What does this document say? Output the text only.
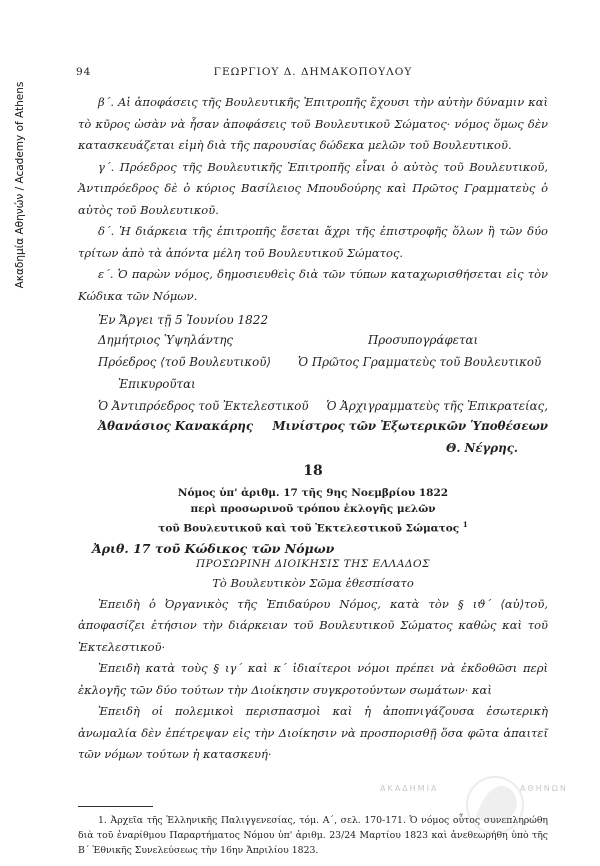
Ακαδημία Αθηνών / Academy of Athens
94	ΓΕΩΡΓΙΟΥ Δ. ΔΗΜΑΚΟΠΟΥΛΟΥ

β΄. Αἱ ἀποφάσεις τῆς Βουλευτικῆς Ἐπιτροπῆς ἔχουσι τὴν αὐτὴν δύναμιν καὶ τὸ κῦρος ὡσὰν νὰ ἦσαν ἀποφάσεις τοῦ Βουλευτικοῦ Σώματος· νόμος ὅμως δὲν κατασκευάζεται εἰμὴ διὰ τῆς παρουσίας δώδεκα μελῶν τοῦ Βουλευτικοῦ.

γ΄. Πρόεδρος τῆς Βουλευτικῆς Ἐπιτροπῆς εἶναι ὁ αὐτὸς τοῦ Βουλευτικοῦ, Ἀντιπρόεδρος δὲ ὁ κύριος Βασίλειος Μπουδούρης καὶ Πρῶτος Γραμματεὺς ὁ αὐτὸς τοῦ Βουλευτικοῦ.

δ΄. Ἡ διάρκεια τῆς ἐπιτροπῆς ἔσεται ἄχρι τῆς ἐπιστροφῆς ὅλων ἢ τῶν δύο τρίτων ἀπὸ τὰ ἀπόντα μέλη τοῦ Βουλευτικοῦ Σώματος.

ε΄. Ὁ παρὼν νόμος, δημοσιευθεὶς διὰ τῶν τύπων καταχωρισθήσεται εἰς τὸν Κώδικα τῶν Νόμων.

Ἐν Ἄργει τῇ 5 Ἰουνίου 1822

Δημήτριος Ὑψηλάντης
Πρόεδρος ⟨τοῦ Βουλευτικοῦ⟩
Προσυπογράφεται
Ὁ Πρῶτος Γραμματεὺς τοῦ Βουλευτικοῦ
Ἐπικυροῦται
Ὁ Ἀντιπρόεδρος τοῦ Ἐκτελεστικοῦ
Ἀθανάσιος Κανακάρης
Ὁ Ἀρχιγραμματεὺς τῆς Ἐπικρατείας,
Μινίστρος τῶν Ἐξωτερικῶν Ὑποθέσεων
Θ. Νέγρης.
18
Νόμος ὑπ' ἀριθμ. 17 τῆς 9ης Νοεμβρίου 1822
περὶ προσωρινοῦ τρόπου ἐκλογῆς μελῶν
τοῦ Βουλευτικοῦ καὶ τοῦ Ἐκτελεστικοῦ Σώματος $^1$
Ἀριθ. 17 τοῦ Κώδικος τῶν Νόμων
ΠΡΟΣΩΡΙΝΗ ΔΙΟΙΚΗΣΙΣ ΤΗΣ ΕΛΛΑΔΟΣ
Τὸ Βουλευτικὸν Σῶμα ἐθεσπίσατο

Ἐπειδὴ ὁ Ὀργανικὸς τῆς Ἐπιδαύρου Νόμος, κατὰ τὸν § ιϑ΄ ⟨αὐ⟩τοῦ, ἀποφασίζει ἐτήσιον τὴν διάρκειαν τοῦ Βουλευτικοῦ Σώματος καθὼς καὶ τοῦ Ἐκτελεστικοῦ·

Ἐπειδὴ κατὰ τοὺς § ιγ΄ καὶ κ΄ ἰδιαίτεροι νόμοι πρέπει νὰ ἐκδοθῶσι περὶ ἐκλογῆς τῶν δύο τούτων τὴν Διοίκησιν συγκροτούντων σωμάτων· καὶ

Ἐπειδὴ οἱ πολεμικοὶ περισπασμοὶ καὶ ἡ ἀποπνιγάζουσα ἐσωτερικὴ ἀνωμαλία δὲν ἐπέτρεψαν εἰς τὴν Διοίκησιν νὰ προσπορισθῇ ὅσα φῶτα ἀπαιτεῖ τῶν νόμων τούτων ἡ κατασκευή·

1. Ἀρχεῖα τῆς Ἑλληνικῆς Παλιγγενεσίας, τόμ. Α΄, σελ. 170-171. Ὁ νόμος οὗτος συνεπληρώθη διὰ τοῦ ἐναρίθμου Παραρτήματος Νόμου ὑπ' ἀριθμ. 23/24 Μαρτίου 1823 καὶ ἀνεθεωρήθη ὑπὸ τῆς Β΄ Ἐθνικῆς Συνελεύσεως τὴν 16ην Ἀπριλίου 1823.

ΑΚΑΔΗΜΙΑ	ΑΘΗΝΩΝ
